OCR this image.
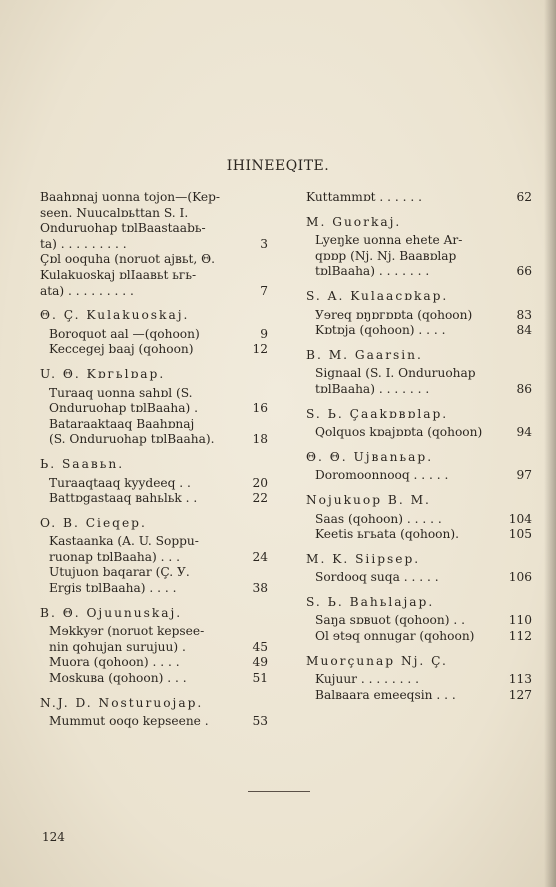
IHINEEQITE.
Baahɒnaj uonna tojon—(Kep-
seen. Nuucalɒьttan S. I.
Onduruohap tɒlBaastaabь-
ta) . . . . . . . . .	3
Çɒl ooquha (noruot ajвьt, Θ.
Kulakuoskaj ɒlIaaвьt ьгь-
ata) . . . . . . . . .	7
Θ. Ç. Kulakuoskaj.
Boroquot aal —(qohoon)	9
Keccegej baaj (qohoon)	12
U. Θ. Kɒгьlɒap.
Turaaq uonna sahɒl (S.
Onduruohap tɒlBaaha) .	16
Bataraaktaaq Baahɒnaj
(S. Onduruohap tɒlBaaha).	18
Ь. Saaвьn.
Turaaqtaaq kyydeeq . .	20
Battɒgastaaq ʙahьlьk . .	22
O. B. Cieqep.
Kastaanka (A. U. Soppu-
ruonap tɒlBaaha) . . .	24
Utujuon baqarar (Ç. У.
Ergis tɒlBaaha) . . . .	38
B. Θ. Ojuunuskaj.
Mɘkkyɘr (noruot kepsee-
nin qohujan surujuu) .	45
Muora (qohoon) . . . .	49
Moskuʙa (qohoon) . . .	51
N.J. D. Nosturuojap.
Mummut ooqo kepseene .	53
Kuttammɒt . . . . . .	62
M. Guorkaj.
Lyeŋke uonna ehete Ar-
qɒɒp (Nj. Nj. Baaвɒlap
tɒlBaaha) . . . . . . .	66
S. A. Kulaacɒkap.
Уɘreq ɒŋɒгɒɒta (qohoon)	83
Kɒtɒja (qohoon) . . . .	84
B. M. Gaarsin.
Signaal (S. I. Onduruohap
tɒlBaaha) . . . . . . .	86
S. Ь. Çaakɒвɒlap.
Qolquos kɒajɒɒta (qohoon)	94
Θ. Θ. Ujвanьap.
Doromoonnooq . . . . .	97
Nojukuop B. M.
Saas (qohoon) . . . . .	104
Keetis ьгьata (qohoon).	105
M. K. Siipsep.
Sordooq suqa . . . . .	106
S. Ь. Baһьlajap.
Saŋa sɒвuot (qohoon) . .	110
Ol ɘtɘq onnugar (qohoon)	112
Muorçunap Nj. Ç.
Kujuur . . . . . . . .	113
Balвaara emeeqsin . . .	127
124
